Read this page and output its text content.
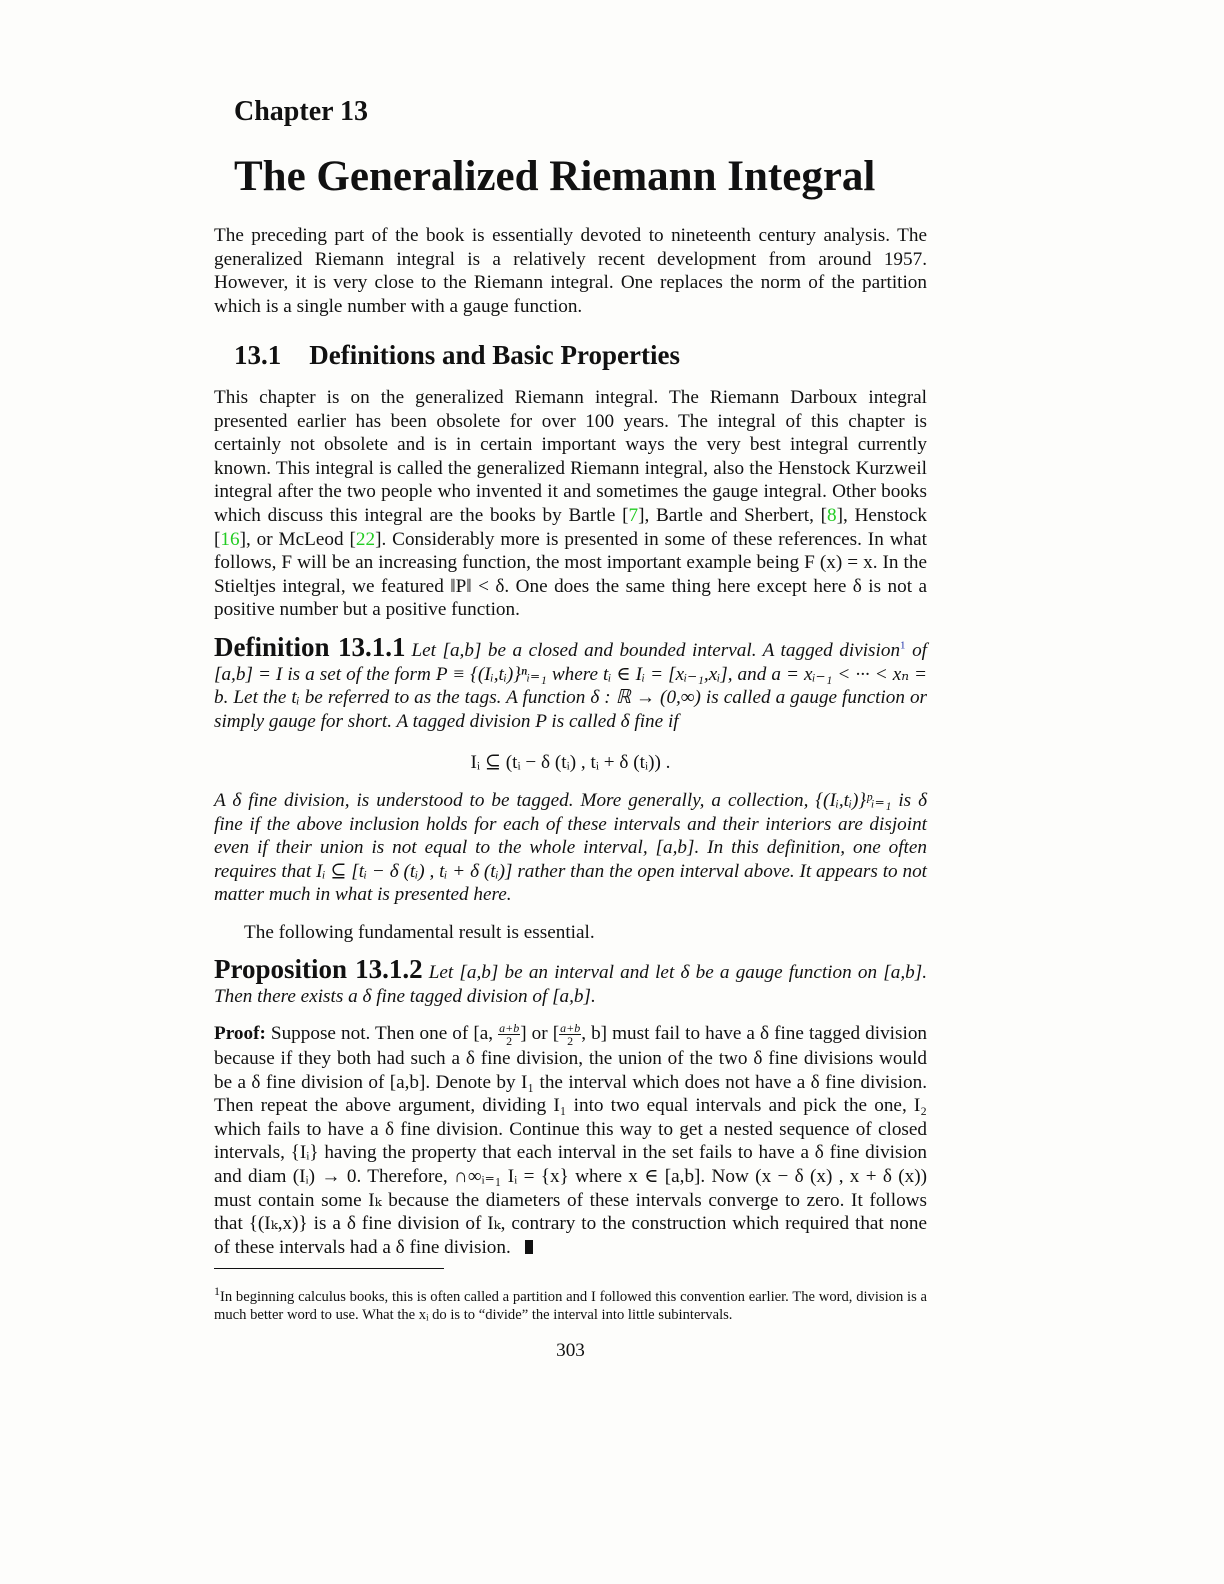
Chapter 13
The Generalized Riemann Integral

The preceding part of the book is essentially devoted to nineteenth century analysis. The generalized Riemann integral is a relatively recent development from around 1957. However, it is very close to the Riemann integral. One replaces the norm of the partition which is a single number with a gauge function.

13.1 Definitions and Basic Properties

This chapter is on the generalized Riemann integral. The Riemann Darboux integral presented earlier has been obsolete for over 100 years. The integral of this chapter is certainly not obsolete and is in certain important ways the very best integral currently known. This integral is called the generalized Riemann integral, also the Henstock Kurzweil integral after the two people who invented it and sometimes the gauge integral. Other books which discuss this integral are the books by Bartle [7], Bartle and Sherbert, [8], Henstock [16], or McLeod [22]. Considerably more is presented in some of these references. In what follows, F will be an increasing function, the most important example being F (x) = x. In the Stieltjes integral, we featured ‖P‖ < δ. One does the same thing here except here δ is not a positive number but a positive function.

Definition 13.1.1 Let [a,b] be a closed and bounded interval. A tagged division$^1$ of [a,b] = I is a set of the form P ≡ {(Iᵢ,tᵢ)}ⁿᵢ₌₁ where tᵢ ∈ Iᵢ = [xᵢ₋₁,xᵢ], and a = xᵢ₋₁ < ··· < xₙ = b. Let the tᵢ be referred to as the tags. A function δ : ℝ → (0,∞) is called a gauge function or simply gauge for short. A tagged division P is called δ fine if

Iᵢ ⊆ (tᵢ − δ (tᵢ) , tᵢ + δ (tᵢ)) .

A δ fine division, is understood to be tagged. More generally, a collection, {(Iᵢ,tᵢ)}ᵖᵢ₌₁ is δ fine if the above inclusion holds for each of these intervals and their interiors are disjoint even if their union is not equal to the whole interval, [a,b]. In this definition, one often requires that Iᵢ ⊆ [tᵢ − δ (tᵢ) , tᵢ + δ (tᵢ)] rather than the open interval above. It appears to not matter much in what is presented here.

The following fundamental result is essential.

Proposition 13.1.2 Let [a,b] be an interval and let δ be a gauge function on [a,b]. Then there exists a δ fine tagged division of [a,b].

Proof: Suppose not. Then one of [a, $\frac{a+b}{2}$ ] or [ $\frac{a+b}{2}$ , b] must fail to have a δ fine tagged division because if they both had such a δ fine division, the union of the two δ fine divisions would be a δ fine division of [a,b]. Denote by I₁ the interval which does not have a δ fine division. Then repeat the above argument, dividing I₁ into two equal intervals and pick the one, I₂ which fails to have a δ fine division. Continue this way to get a nested sequence of closed intervals, {Iᵢ} having the property that each interval in the set fails to have a δ fine division and diam (Iᵢ) → 0. Therefore, ∩∞ᵢ₌₁ Iᵢ = {x} where x ∈ [a,b]. Now (x − δ (x) , x + δ (x)) must contain some Iₖ because the diameters of these intervals converge to zero. It follows that {(Iₖ,x)} is a δ fine division of Iₖ, contrary to the construction which required that none of these intervals had a δ fine division.

$^1$In beginning calculus books, this is often called a partition and I followed this convention earlier. The word, division is a much better word to use. What the xᵢ do is to “divide” the interval into little subintervals.

303
